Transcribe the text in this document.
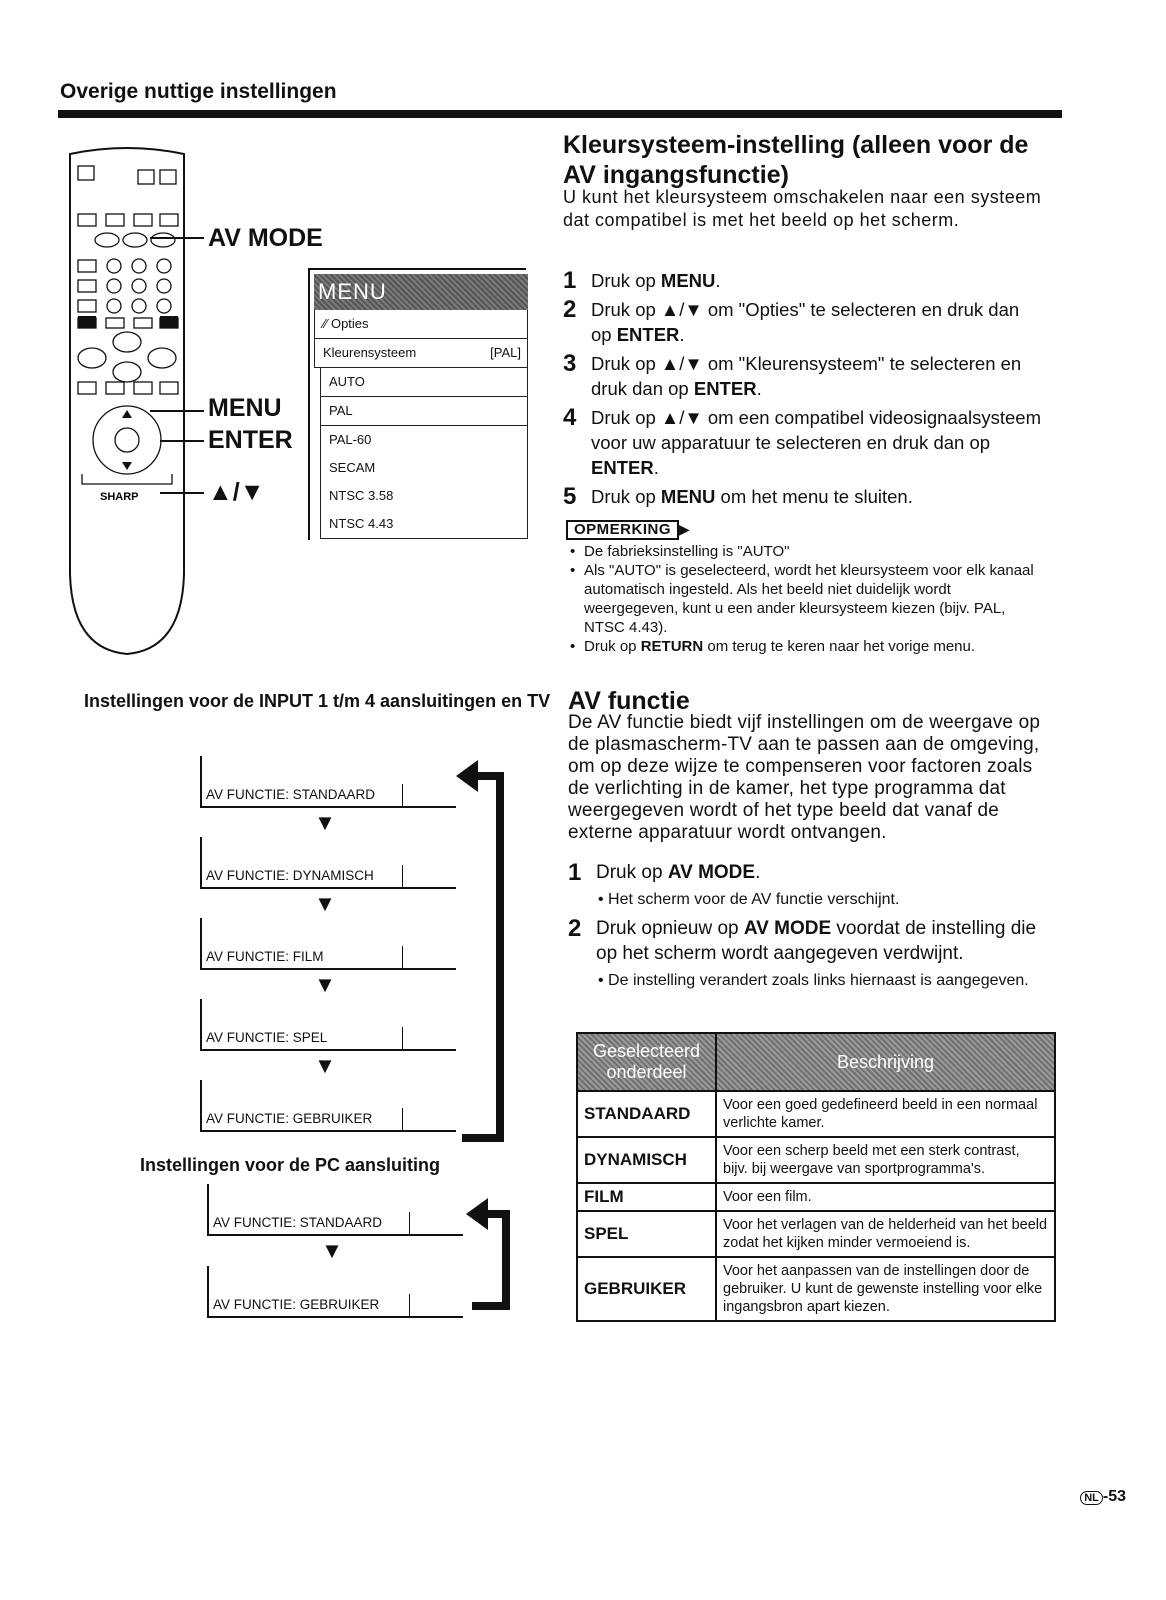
Overige nuttige instellingen
SHARP
AV MODE
MENU
ENTER
▲/▼
MENU
⁄⁄ Opties
Kleurensysteem	[PAL]
AUTO
PAL
PAL-60
SECAM
NTSC 3.58
NTSC 4.43
Kleursysteem-instelling (alleen voor de AV ingangsfunctie)
U kunt het kleursysteem omschakelen naar een systeem dat compatibel is met het beeld op het scherm.
1 Druk op MENU.
2 Druk op ▲/▼ om "Opties" te selecteren en druk dan op ENTER.
3 Druk op ▲/▼ om "Kleurensysteem" te selecteren en druk dan op ENTER.
4 Druk op ▲/▼ om een compatibel videosignaalsysteem voor uw apparatuur te selecteren en druk dan op ENTER.
5 Druk op MENU om het menu te sluiten.
OPMERKING ▶
• De fabrieksinstelling is "AUTO"
• Als "AUTO" is geselecteerd, wordt het kleursysteem voor elk kanaal automatisch ingesteld. Als het beeld niet duidelijk wordt weergegeven, kunt u een ander kleursysteem kiezen (bijv. PAL, NTSC 4.43).
• Druk op RETURN om terug te keren naar het vorige menu.
Instellingen voor de INPUT 1 t/m 4 aansluitingen en TV
AV FUNCTIE: STANDAARD
▼
AV FUNCTIE: DYNAMISCH
▼
AV FUNCTIE: FILM
▼
AV FUNCTIE: SPEL
▼
AV FUNCTIE: GEBRUIKER
Instellingen voor de PC aansluiting
AV FUNCTIE: STANDAARD
▼
AV FUNCTIE: GEBRUIKER
AV functie
De AV functie biedt vijf instellingen om de weergave op de plasmascherm-TV aan te passen aan de omgeving, om op deze wijze te compenseren voor factoren zoals de verlichting in de kamer, het type programma dat weergegeven wordt of het type beeld dat vanaf de externe apparatuur wordt ontvangen.
1 Druk op AV MODE.
• Het scherm voor de AV functie verschijnt.
2 Druk opnieuw op AV MODE voordat de instelling die op het scherm wordt aangegeven verdwijnt.
• De instelling verandert zoals links hiernaast is aangegeven.
Geselecteerd onderdeel	Beschrijving
STANDAARD	Voor een goed gedefineerd beeld in een normaal verlichte kamer.
DYNAMISCH	Voor een scherp beeld met een sterk contrast, bijv. bij weergave van sportprogramma's.
FILM	Voor een film.
SPEL	Voor het verlagen van de helderheid van het beeld zodat het kijken minder vermoeiend is.
GEBRUIKER	Voor het aanpassen van de instellingen door de gebruiker. U kunt de gewenste instelling voor elke ingangsbron apart kiezen.
NL -53
